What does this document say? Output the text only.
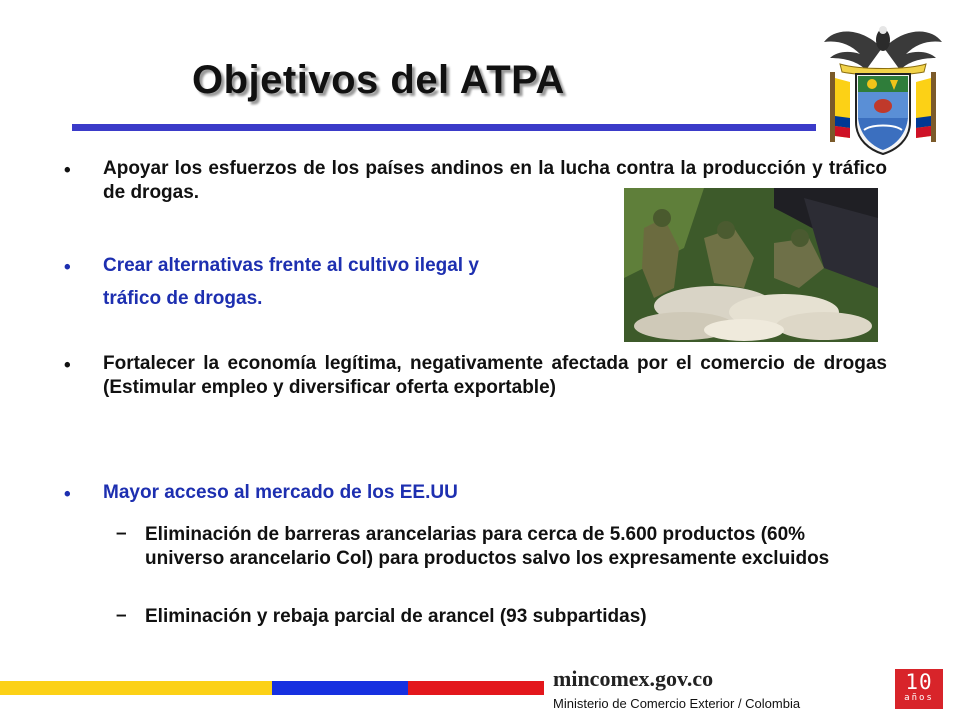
Objetivos del ATPA
• Apoyar los esfuerzos de los países andinos en la lucha contra la producción y tráfico de drogas.

• Crear alternativas frente al cultivo ilegal y

tráfico de drogas.

• Fortalecer la economía legítima, negativamente afectada por el comercio de drogas (Estimular empleo y diversificar oferta exportable)

• Mayor acceso al mercado de los EE.UU

– Eliminación de barreras arancelarias para cerca de 5.600 productos (60% universo arancelario Col) para productos salvo los expresamente excluidos

– Eliminación y rebaja parcial de arancel (93 subpartidas)

mincomex.gov.co
Ministerio de Comercio Exterior / Colombia
10
años
